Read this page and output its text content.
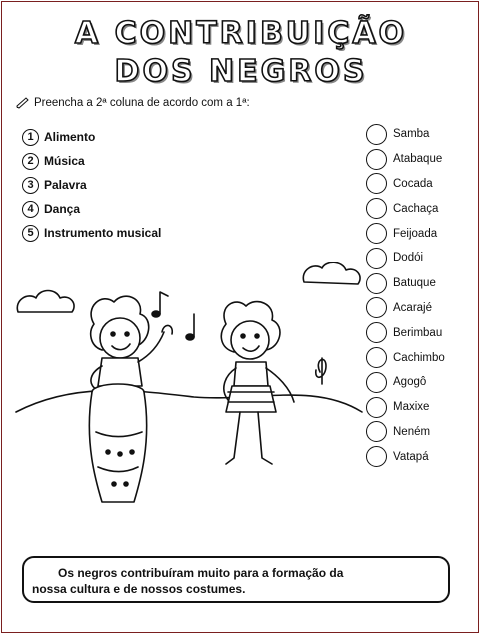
A CONTRIBUIÇÃO
DOS NEGROS
Preencha a 2ª coluna de acordo com a 1ª:
1 Alimento
2 Música
3 Palavra
4 Dança
5 Instrumento musical
Samba
Atabaque
Cocada
Cachaça
Feijoada
Dodói
Batuque
Acarajé
Berimbau
Cachimbo
Agogô
Maxixe
Neném
Vatapá
Os negros contribuíram muito para a formação da
nossa cultura e de nossos costumes.
